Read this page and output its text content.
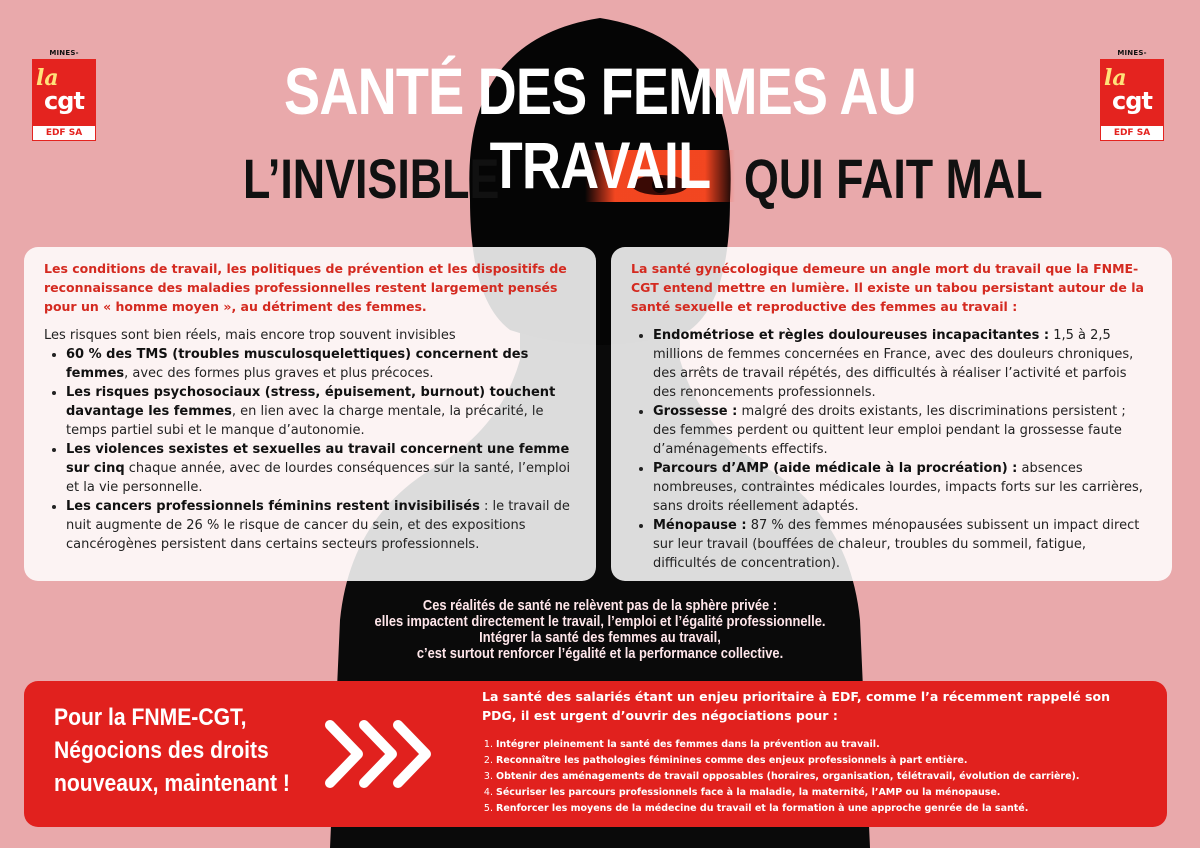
MINES-
la
cgt
EDF SA
MINES-
la
cgt
EDF SA
SANTÉ DES FEMMES AU TRAVAIL
L’INVISIBLE	QUI FAIT MAL

Les conditions de travail, les politiques de prévention et les dispositifs de reconnaissance des maladies professionnelles restent largement pensés pour un « homme moyen », au détriment des femmes.

Les risques sont bien réels, mais encore trop souvent invisibles

• 60 % des TMS (troubles musculosquelettiques) concernent des femmes, avec des formes plus graves et plus précoces.
• Les risques psychosociaux (stress, épuisement, burnout) touchent davantage les femmes, en lien avec la charge mentale, la précarité, le temps partiel subi et le manque d’autonomie.
• Les violences sexistes et sexuelles au travail concernent une femme sur cinq chaque année, avec de lourdes conséquences sur la santé, l’emploi et la vie personnelle.
• Les cancers professionnels féminins restent invisibilisés : le travail de nuit augmente de 26 % le risque de cancer du sein, et des expositions cancérogènes persistent dans certains secteurs professionnels.

La santé gynécologique demeure un angle mort du travail que la FNME-CGT entend mettre en lumière. Il existe un tabou persistant autour de la santé sexuelle et reproductive des femmes au travail :

• Endométriose et règles douloureuses incapacitantes : 1,5 à 2,5 millions de femmes concernées en France, avec des douleurs chroniques, des arrêts de travail répétés, des difficultés à réaliser l’activité et parfois des renoncements professionnels.
• Grossesse : malgré des droits existants, les discriminations persistent ; des femmes perdent ou quittent leur emploi pendant la grossesse faute d’aménagements effectifs.
• Parcours d’AMP (aide médicale à la procréation) : absences nombreuses, contraintes médicales lourdes, impacts forts sur les carrières, sans droits réellement adaptés.
• Ménopause : 87 % des femmes ménopausées subissent un impact direct sur leur travail (bouffées de chaleur, troubles du sommeil, fatigue, difficultés de concentration).
Ces réalités de santé ne relèvent pas de la sphère privée :
elles impactent directement le travail, l’emploi et l’égalité professionnelle.
Intégrer la santé des femmes au travail,
c’est surtout renforcer l’égalité et la performance collective.
Pour la FNME-CGT,
Négocions des droits
nouveaux, maintenant !
La santé des salariés étant un enjeu prioritaire à EDF, comme l’a récemment rappelé son PDG, il est urgent d’ouvrir des négociations pour :
1. Intégrer pleinement la santé des femmes dans la prévention au travail.
2. Reconnaître les pathologies féminines comme des enjeux professionnels à part entière.
3. Obtenir des aménagements de travail opposables (horaires, organisation, télétravail, évolution de carrière).
4. Sécuriser les parcours professionnels face à la maladie, la maternité, l’AMP ou la ménopause.
5. Renforcer les moyens de la médecine du travail et la formation à une approche genrée de la santé.
